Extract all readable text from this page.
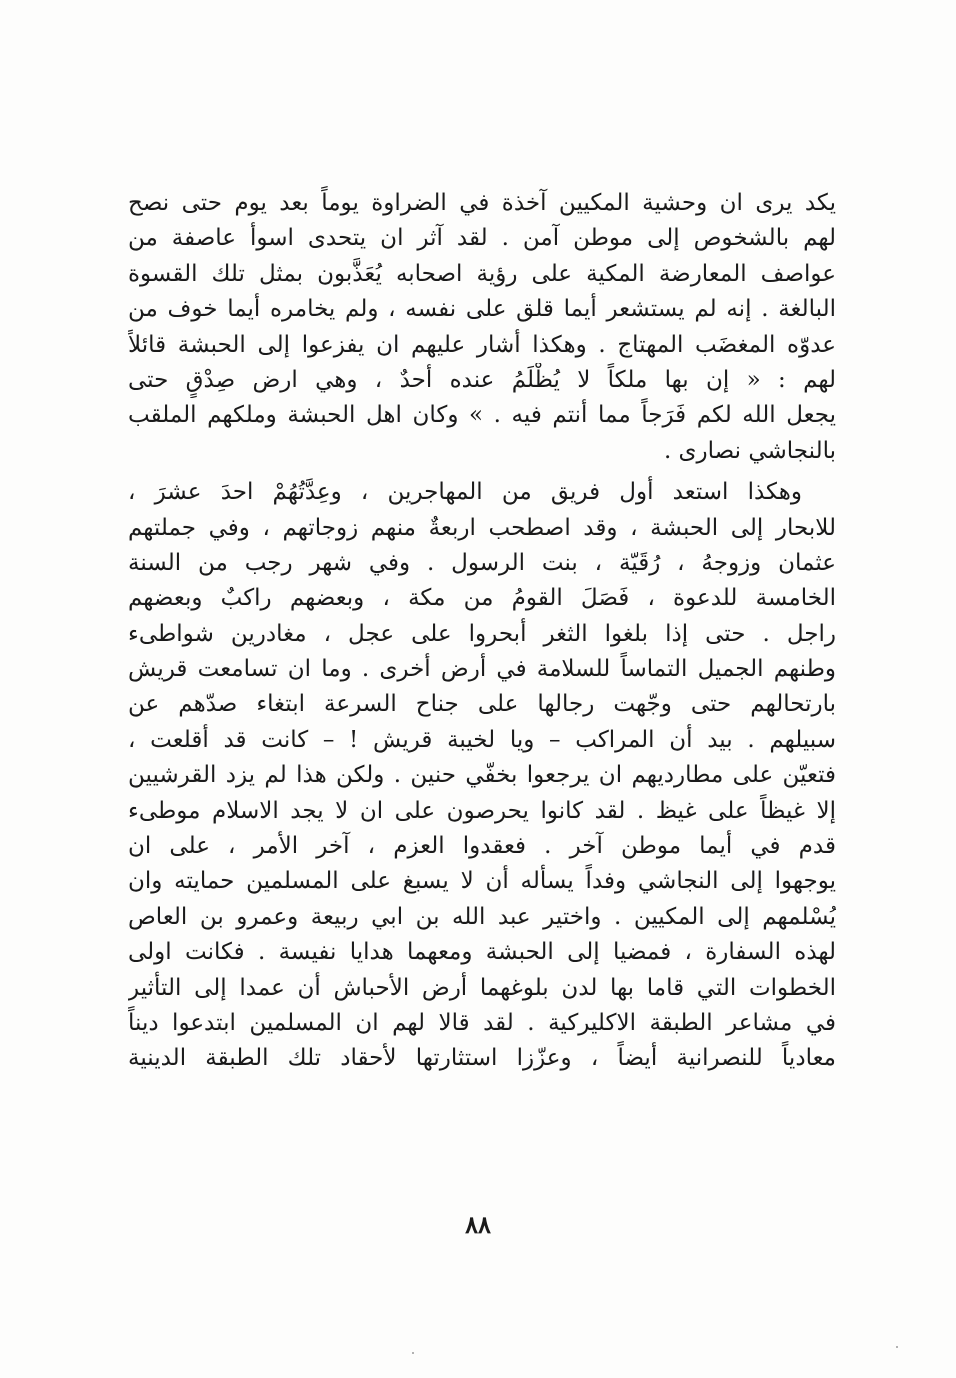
يكد يرى ان وحشية المكيين آخذة في الضراوة يوماً بعد يوم حتى نصح
لهم بالشخوص إلى موطن آمن . لقد آثر ان يتحدى اسوأ عاصفة من
عواصف المعارضة المكية على رؤية اصحابه يُعَذَّبون بمثل تلك القسوة
البالغة . إنه لم يستشعر أيما قلق على نفسه ، ولم يخامره أيما خوف من
عدوّه المغضَب المهتاج . وهكذا أشار عليهم ان يفزعوا إلى الحبشة قائلاً
لهم : « إن بها ملكاً لا يُظْلَمُ عنده أحدٌ ، وهي ارض صِدْقٍ حتى
يجعل الله لكم فَرَجاً مما أنتم فيه . » وكان اهل الحبشة وملكهم الملقب
بالنجاشي نصارى .
وهكذا استعد أول فريق من المهاجرين ، وعِدَّتُهُمْ احدَ عشرَ ،
للابحار إلى الحبشة ، وقد اصطحب اربعةٌ منهم زوجاتهم ، وفي جملتهم
عثمان وزوجهُ ، رُقَيّة ، بنت الرسول . وفي شهر رجب من السنة
الخامسة للدعوة ، فَصَلَ القومُ من مكة ، وبعضهم راكبٌ وبعضهم
راجل . حتى إذا بلغوا الثغر أبحروا على عجل ، مغادرين شواطىء
وطنهم الجميل التماساً للسلامة في أرض أخرى . وما ان تسامعت قريش
بارتحالهم حتى وجّهت رجالها على جناح السرعة ابتغاء صدّهم عن
سبيلهم . بيد أن المراكب – ويا لخيبة قريش ! – كانت قد أقلعت ،
فتعيّن على مطارديهم ان يرجعوا بخفّي حنين . ولكن هذا لم يزد القرشيين
إلا غيظاً على غيظ . لقد كانوا يحرصون على ان لا يجد الاسلام موطىء
قدم في أيما موطن آخر . فعقدوا العزم ، آخر الأمر ، على ان
يوجهوا إلى النجاشي وفداً يسأله أن لا يسبغ على المسلمين حمايته وان
يُسْلمهم إلى المكيين . واختير عبد الله بن ابي ربيعة وعمرو بن العاص
لهذه السفارة ، فمضيا إلى الحبشة ومعهما هدايا نفيسة . فكانت اولى
الخطوات التي قاما بها لدن بلوغهما أرض الأحباش أن عمدا إلى التأثير
في مشاعر الطبقة الاكليركية . لقد قالا لهم ان المسلمين ابتدعوا ديناً
معادياً للنصرانية أيضاً ، وعزّزا استثارتها لأحقاد تلك الطبقة الدينية
٨٨
